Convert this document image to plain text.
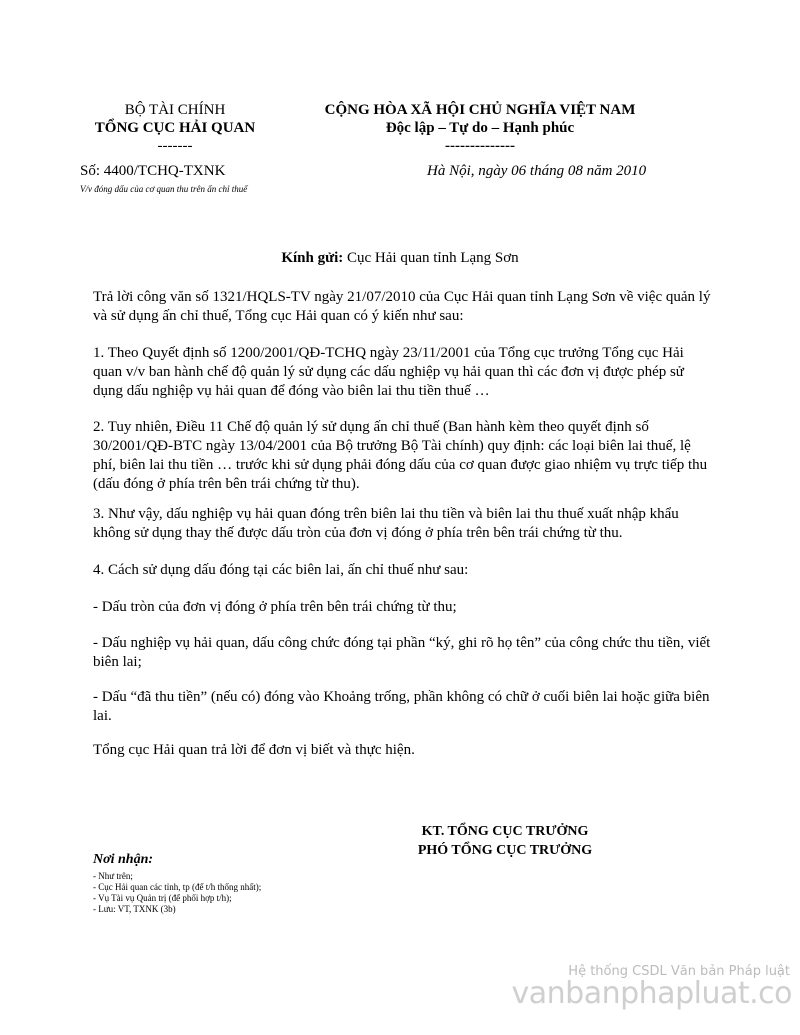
BỘ TÀI CHÍNH
TỔNG CỤC HẢI QUAN
-------
CỘNG HÒA XÃ HỘI CHỦ NGHĨA VIỆT NAM
Độc lập – Tự do – Hạnh phúc
--------------
Số: 4400/TCHQ-TXNK
V/v đóng dấu của cơ quan thu trên ấn chỉ thuế
Hà Nội, ngày 06 tháng 08 năm 2010
Kính gửi: Cục Hải quan tỉnh Lạng Sơn

Trả lời công văn số 1321/HQLS-TV ngày 21/07/2010 của Cục Hải quan tỉnh Lạng Sơn về việc quản lý và sử dụng ấn chỉ thuế, Tổng cục Hải quan có ý kiến như sau:

1. Theo Quyết định số 1200/2001/QĐ-TCHQ ngày 23/11/2001 của Tổng cục trưởng Tổng cục Hải quan v/v ban hành chế độ quản lý sử dụng các dấu nghiệp vụ hải quan thì các đơn vị được phép sử dụng dấu nghiệp vụ hải quan để đóng vào biên lai thu tiền thuế …

2. Tuy nhiên, Điều 11 Chế độ quản lý sử dụng ấn chỉ thuế (Ban hành kèm theo quyết định số 30/2001/QĐ-BTC ngày 13/04/2001 của Bộ trưởng Bộ Tài chính) quy định: các loại biên lai thuế, lệ phí, biên lai thu tiền … trước khi sử dụng phải đóng dấu của cơ quan được giao nhiệm vụ trực tiếp thu (dấu đóng ở phía trên bên trái chứng từ thu).

3. Như vậy, dấu nghiệp vụ hải quan đóng trên biên lai thu tiền và biên lai thu thuế xuất nhập khẩu không sử dụng thay thế được dấu tròn của đơn vị đóng ở phía trên bên trái chứng từ thu.

4. Cách sử dụng dấu đóng tại các biên lai, ấn chỉ thuế như sau:

- Dấu tròn của đơn vị đóng ở phía trên bên trái chứng từ thu;

- Dấu nghiệp vụ hải quan, dấu công chức đóng tại phần “ký, ghi rõ họ tên” của công chức thu tiền, viết biên lai;

- Dấu “đã thu tiền” (nếu có) đóng vào Khoảng trống, phần không có chữ ở cuối biên lai hoặc giữa biên lai.

Tổng cục Hải quan trả lời để đơn vị biết và thực hiện.

KT. TỔNG CỤC TRƯỞNG
PHÓ TỔNG CỤC TRƯỞNG
Nơi nhận:
- Như trên;
- Cục Hải quan các tỉnh, tp (để t/h thống nhất);
- Vụ Tài vụ Quản trị (để phối hợp t/h);
- Lưu: VT, TXNK (3b)
Hệ thống CSDL Văn bản Pháp luật
vanbanphapluat.co
